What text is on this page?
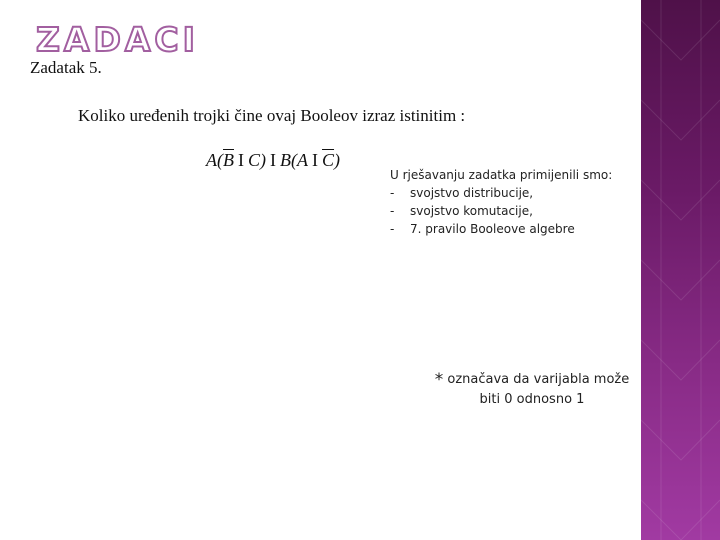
ZADACI
Zadatak 5.
Koliko uređenih trojki čine ovaj Booleov izraz istinitim :
$A(\overline{B}$ I C) I B(A I $\overline{C}$)
U rješavanju zadatka primijenili smo:
-	svojstvo distribucije,
-	svojstvo komutacije,
-	7. pravilo Booleove algebre
* označava da varijabla može
biti 0 odnosno 1
